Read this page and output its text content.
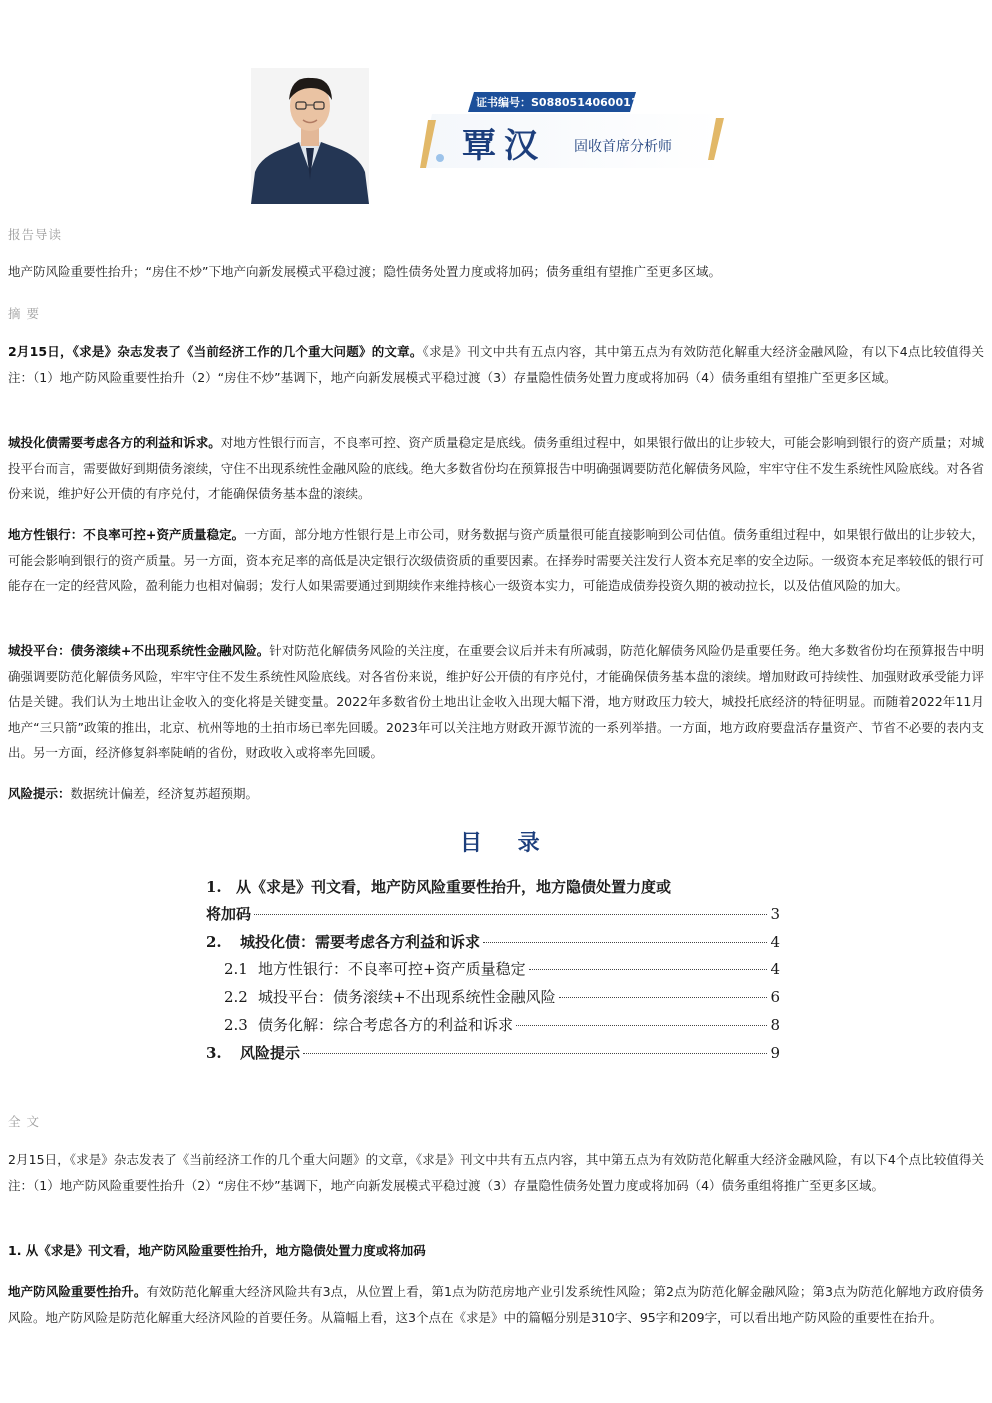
证书编号：S0880514060011
覃汉 固收首席分析师
报告导读
地产防风险重要性抬升；“房住不炒”下地产向新发展模式平稳过渡；隐性债务处置力度或将加码；债务重组有望推广至更多区域。
摘 要
2月15日，《求是》杂志发表了《当前经济工作的几个重大问题》的文章。《求是》刊文中共有五点内容，其中第五点为有效防范化解重大经济金融风险，有以下4点比较值得关注：（1）地产防风险重要性抬升（2）“房住不炒”基调下，地产向新发展模式平稳过渡（3）存量隐性债务处置力度或将加码（4）债务重组有望推广至更多区域。
城投化债需要考虑各方的利益和诉求。对地方性银行而言，不良率可控、资产质量稳定是底线。债务重组过程中，如果银行做出的让步较大，可能会影响到银行的资产质量；对城投平台而言，需要做好到期债务滚续，守住不出现系统性金融风险的底线。绝大多数省份均在预算报告中明确强调要防范化解债务风险，牢牢守住不发生系统性风险底线。对各省份来说，维护好公开债的有序兑付，才能确保债务基本盘的滚续。
地方性银行：不良率可控+资产质量稳定。一方面，部分地方性银行是上市公司，财务数据与资产质量很可能直接影响到公司估值。债务重组过程中，如果银行做出的让步较大，可能会影响到银行的资产质量。另一方面，资本充足率的高低是决定银行次级债资质的重要因素。在择券时需要关注发行人资本充足率的安全边际。一级资本充足率较低的银行可能存在一定的经营风险，盈利能力也相对偏弱；发行人如果需要通过到期续作来维持核心一级资本实力，可能造成债券投资久期的被动拉长，以及估值风险的加大。
城投平台：债务滚续+不出现系统性金融风险。针对防范化解债务风险的关注度，在重要会议后并未有所减弱，防范化解债务风险仍是重要任务。绝大多数省份均在预算报告中明确强调要防范化解债务风险，牢牢守住不发生系统性风险底线。对各省份来说，维护好公开债的有序兑付，才能确保债务基本盘的滚续。增加财政可持续性、加强财政承受能力评估是关键。我们认为土地出让金收入的变化将是关键变量。2022年多数省份土地出让金收入出现大幅下滑，地方财政压力较大，城投托底经济的特征明显。而随着2022年11月地产“三只箭”政策的推出，北京、杭州等地的土拍市场已率先回暖。2023年可以关注地方财政开源节流的一系列举措。一方面，地方政府要盘活存量资产、节省不必要的表内支出。另一方面，经济修复斜率陡峭的省份，财政收入或将率先回暖。
风险提示：数据统计偏差，经济复苏超预期。
目 录
1. 从《求是》刊文看，地产防风险重要性抬升，地方隐债处置力度或
将加码	3
2.	城投化债：需要考虑各方利益和诉求	4
2.1 地方性银行：不良率可控+资产质量稳定	4
2.2 城投平台：债务滚续+不出现系统性金融风险	6
2.3 债务化解：综合考虑各方的利益和诉求	8
3.	风险提示	9
全 文
2月15日，《求是》杂志发表了《当前经济工作的几个重大问题》的文章，《求是》刊文中共有五点内容，其中第五点为有效防范化解重大经济金融风险，有以下4个点比较值得关注：（1）地产防风险重要性抬升（2）“房住不炒”基调下，地产向新发展模式平稳过渡（3）存量隐性债务处置力度或将加码（4）债务重组将推广至更多区域。
1. 从《求是》刊文看，地产防风险重要性抬升，地方隐债处置力度或将加码
地产防风险重要性抬升。有效防范化解重大经济风险共有3点，从位置上看，第1点为防范房地产业引发系统性风险；第2点为防范化解金融风险；第3点为防范化解地方政府债务风险。地产防风险是防范化解重大经济风险的首要任务。从篇幅上看，这3个点在《求是》中的篇幅分别是310字、95字和209字，可以看出地产防风险的重要性在抬升。
